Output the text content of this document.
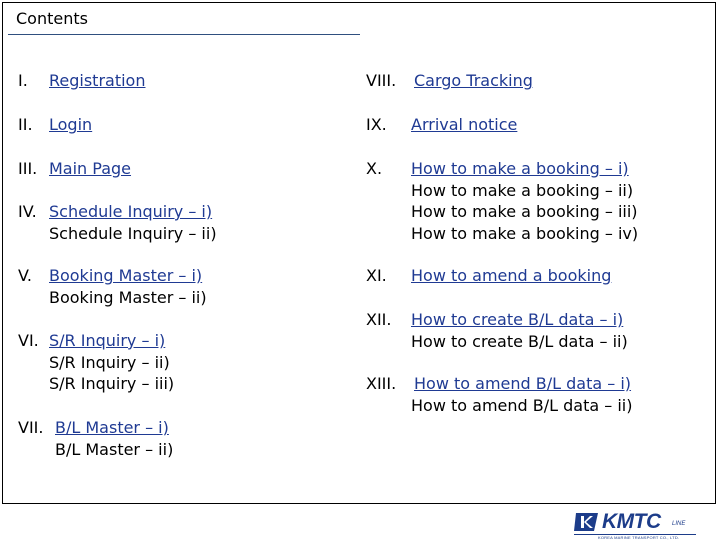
Contents
I. Registration
II. Login
III. Main Page
IV. Schedule Inquiry – i)
Schedule Inquiry – ii)
V. Booking Master – i)
Booking Master – ii)
VI. S/R Inquiry – i)
S/R Inquiry – ii)
S/R Inquiry – iii)
VII. B/L Master – i)
B/L Master – ii)
VIII. Cargo Tracking
IX. Arrival notice
X. How to make a booking – i)
How to make a booking – ii)
How to make a booking – iii)
How to make a booking – iv)
XI. How to amend a booking
XII. How to create B/L data – i)
How to create B/L data – ii)
XIII. How to amend B/L data – i)
How to amend B/L data – ii)
KMTC LINE
KOREA MARINE TRANSPORT CO., LTD.
